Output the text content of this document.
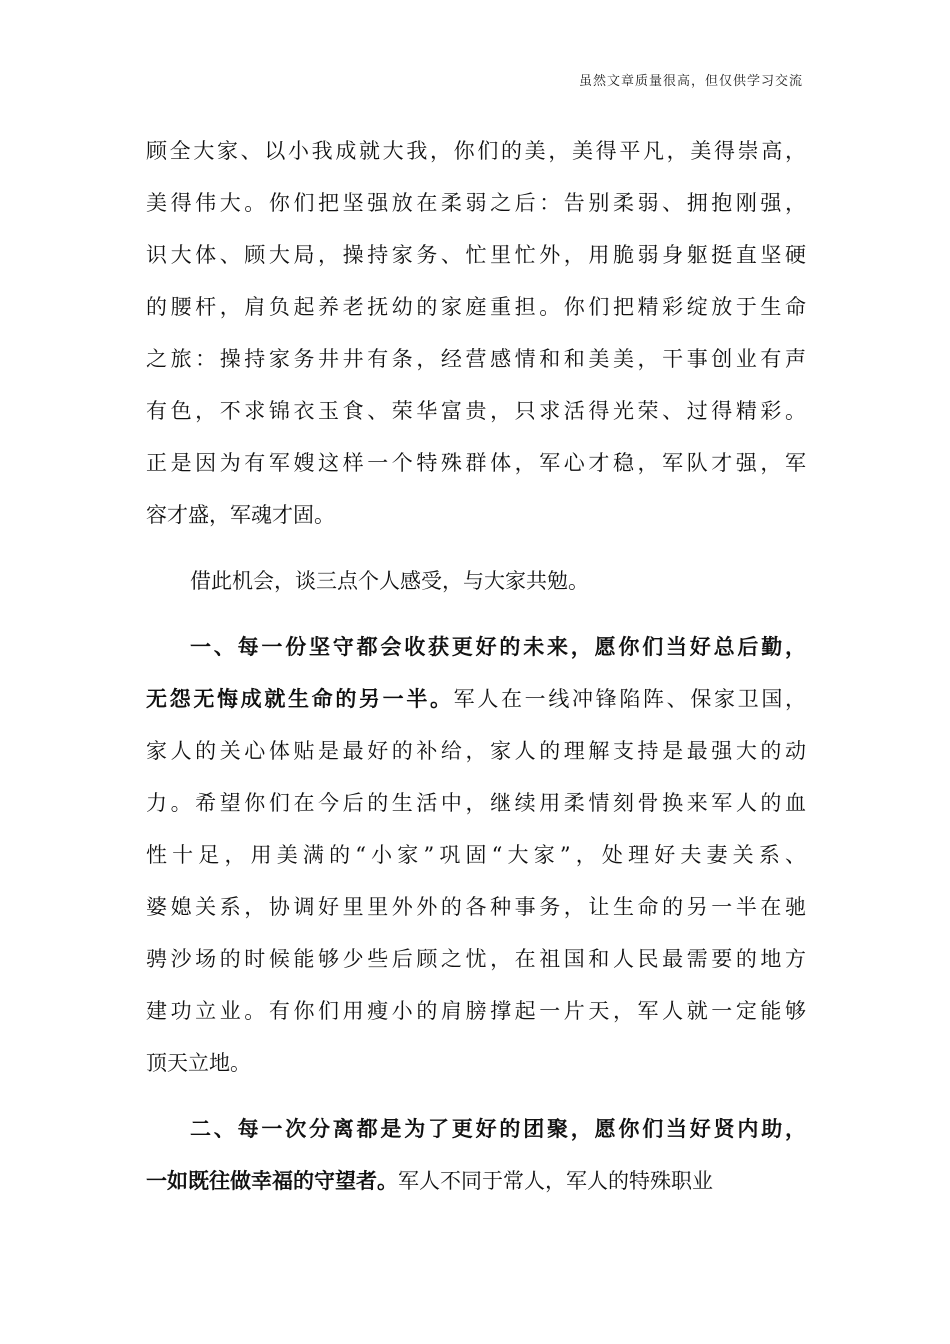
虽然文章质量很高，但仅供学习交流
顾全大家、以小我成就大我，你们的美，美得平凡，美得崇高，
美得伟大。你们把坚强放在柔弱之后：告别柔弱、拥抱刚强，
识大体、顾大局，操持家务、忙里忙外，用脆弱身躯挺直坚硬
的腰杆，肩负起养老抚幼的家庭重担。你们把精彩绽放于生命
之旅：操持家务井井有条，经营感情和和美美，干事创业有声
有色，不求锦衣玉食、荣华富贵，只求活得光荣、过得精彩。
正是因为有军嫂这样一个特殊群体，军心才稳，军队才强，军
容才盛，军魂才固。
借此机会，谈三点个人感受，与大家共勉。
一、每一份坚守都会收获更好的未来，愿你们当好总后勤，
无怨无悔成就生命的另一半。军人在一线冲锋陷阵、保家卫国，
家人的关心体贴是最好的补给，家人的理解支持是最强大的动
力。希望你们在今后的生活中，继续用柔情刻骨换来军人的血
性十足，用美满的“小家”巩固“大家”，处理好夫妻关系、
婆媳关系，协调好里里外外的各种事务，让生命的另一半在驰
骋沙场的时候能够少些后顾之忧，在祖国和人民最需要的地方
建功立业。有你们用瘦小的肩膀撑起一片天，军人就一定能够
顶天立地。
二、每一次分离都是为了更好的团聚，愿你们当好贤内助，
一如既往做幸福的守望者。军人不同于常人，军人的特殊职业
